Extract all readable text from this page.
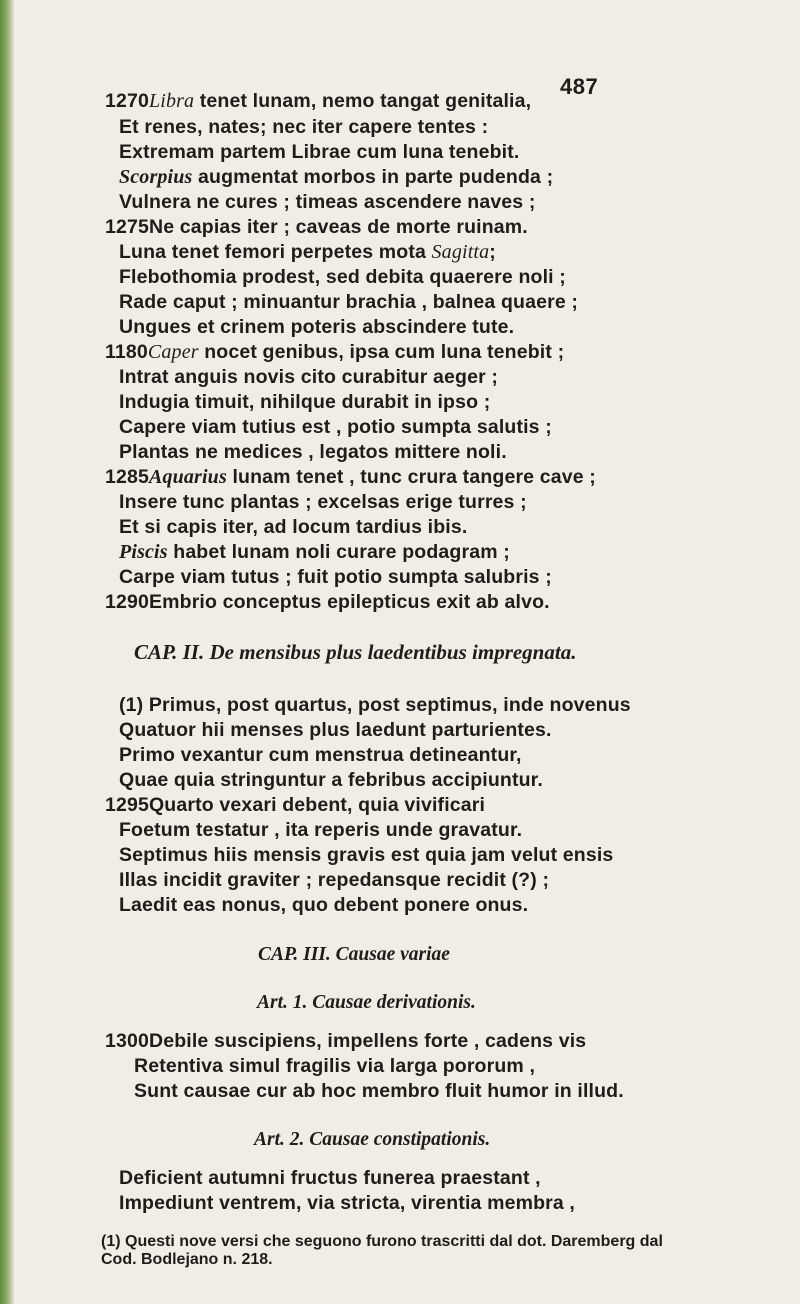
487
1270Libra tenet lunam, nemo tangat genitalia,
Et renes, nates; nec iter capere tentes :
Extremam partem Librae cum luna tenebit.
Scorpius augmentat morbos in parte pudenda ;
Vulnera ne cures ; timeas ascendere naves ;
1275Ne capias iter ; caveas de morte ruinam.
Luna tenet femori perpetes mota Sagitta;
Flebothomia prodest, sed debita quaerere noli ;
Rade caput ; minuantur brachia , balnea quaere ;
Ungues et crinem poteris abscindere tute.
1180Caper nocet genibus, ipsa cum luna tenebit ;
Intrat anguis novis cito curabitur aeger ;
Indugia timuit, nihilque durabit in ipso ;
Capere viam tutius est , potio sumpta salutis ;
Plantas ne medices , legatos mittere noli.
1285Aquarius lunam tenet , tunc crura tangere cave ;
Insere tunc plantas ; excelsas erige turres ;
Et si capis iter, ad locum tardius ibis.
Piscis habet lunam noli curare podagram ;
Carpe viam tutus ; fuit potio sumpta salubris ;
1290Embrio conceptus epilepticus exit ab alvo.
CAP. II. De mensibus plus laedentibus impregnata.
(1) Primus, post quartus, post septimus, inde novenus
Quatuor hii menses plus laedunt parturientes.
Primo vexantur cum menstrua detineantur,
Quae quia stringuntur a febribus accipiuntur.
1295Quarto vexari debent, quia vivificari
Foetum testatur , ita reperis unde gravatur.
Septimus hiis mensis gravis est quia jam velut ensis
Illas incidit graviter ; repedansque recidit (?) ;
Laedit eas nonus, quo debent ponere onus.
CAP. III. Causae variae
Art. 1. Causae derivationis.
1300Debile suscipiens, impellens forte , cadens vis
Retentiva simul fragilis via larga pororum ,
Sunt causae cur ab hoc membro fluit humor in illud.
Art. 2. Causae constipationis.
Deficient autumni fructus funerea praestant ,
Impediunt ventrem, via stricta, virentia membra ,
(1) Questi nove versi che seguono furono trascritti dal dot. Daremberg dal
Cod. Bodlejano n. 218.
